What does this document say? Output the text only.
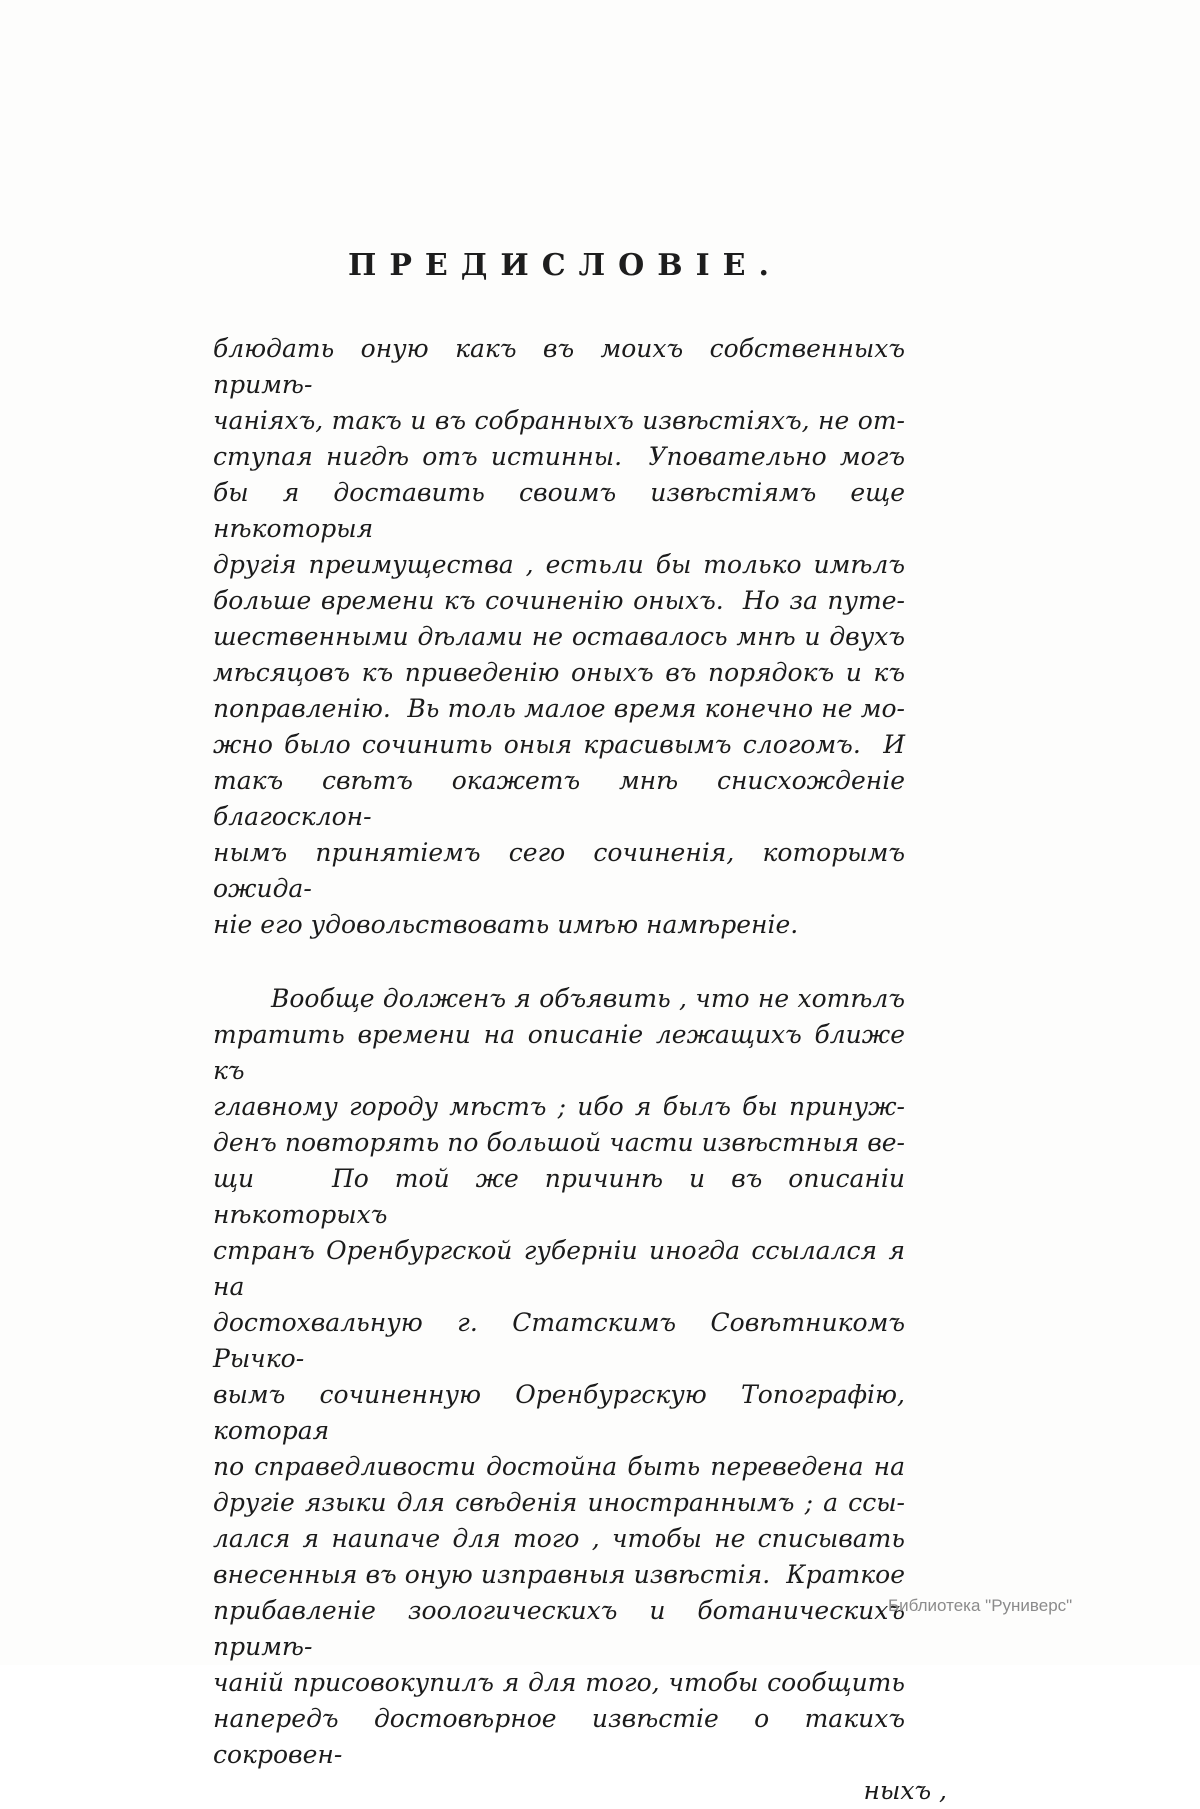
ПРЕДИСЛОВІЕ.
блюдать оную какъ въ моихъ собственныхъ примѣ-
чаніяхъ, такъ и въ собранныхъ извѣстіяхъ, не от-
ступая нигдѣ отъ истинны.  Уповательно могъ
бы я доставить своимъ извѣстіямъ еще нѣкоторыя
другія преимущества , естьли бы только имѣлъ
больше времени къ сочиненію оныхъ.  Но за путе-
шественными дѣлами не оставалось мнѣ и двухъ
мѣсяцовъ къ приведенію оныхъ въ порядокъ и къ
поправленію.  Вь толь малое время конечно не мо-
жно было сочинить оныя красивымъ слогомъ.  И
такъ свѣтъ окажетъ мнѣ снисхожденіе благосклон-
нымъ принятіемъ сего сочиненія, которымъ ожида-
ніе его удовольствовать имѣю намѣреніе.
Вообще долженъ я объявить , что не хотѣлъ
тратить времени на описаніе лежащихъ ближе къ
главному городу мѣстъ ; ибо я былъ бы принуж-
денъ повторять по большой части извѣстныя ве-
щи   По той же причинѣ и въ описаніи нѣкоторыхъ
странъ Оренбургской губерніи иногда ссылался я на
достохвальную г. Статскимъ Совѣтникомъ Рычко-
вымъ сочиненную Оренбургскую Топографію, которая
по справедливости достойна быть переведена на
другіе языки для свѣденія иностраннымъ ; а ссы-
лался я наипаче для того , чтобы не списывать
внесенныя въ оную изправныя извѣстія.  Краткое
прибавленіе зоологическихъ и ботаническихъ примѣ-
чаній присовокупилъ я для того, чтобы сообщить
напередъ достовѣрное извѣстіе о такихъ сокровен-
ныхъ ,
Библиотека "Руниверс"
